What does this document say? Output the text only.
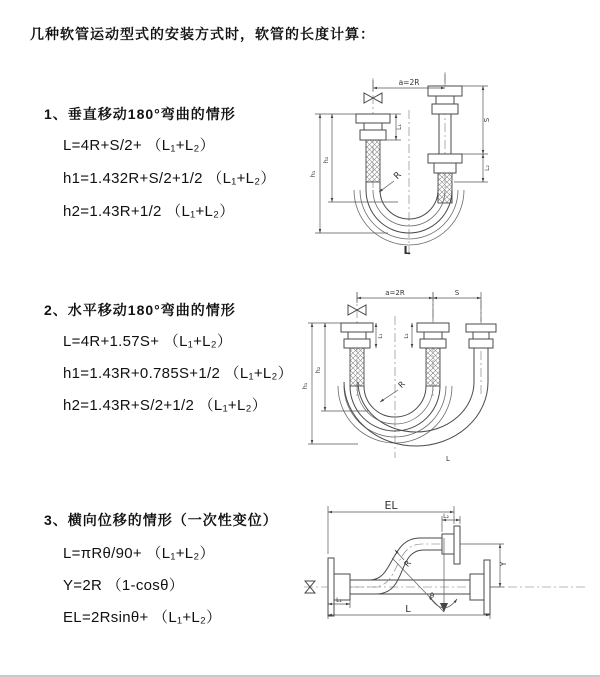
几种软管运动型式的安装方式时，软管的长度计算：
1、垂直移动180°弯曲的情形
L=4R+S/2+ （L₁+L₂）
h1=1.432R+S/2+1/2 （L₁+L₂）
h2=1.43R+1/2 （L₁+L₂）
a=2R
S
L₂
h₁
h₂
L₁
R
L
2、水平移动180°弯曲的情形
L=4R+1.57S+ （L₁+L₂）
h1=1.43R+0.785S+1/2 （L₁+L₂）
h2=1.43R+S/2+1/2 （L₁+L₂）
a=2R	S
h₁
h₂
L₁	L₂
R
L
3、横向位移的情形（一次性变位）
L=πRθ/90+ （L₁+L₂）
Y=2R （1-cosθ）
EL=2Rsinθ+ （L₁+L₂）
θ
EL
L₂
Y
L
L₁
R
